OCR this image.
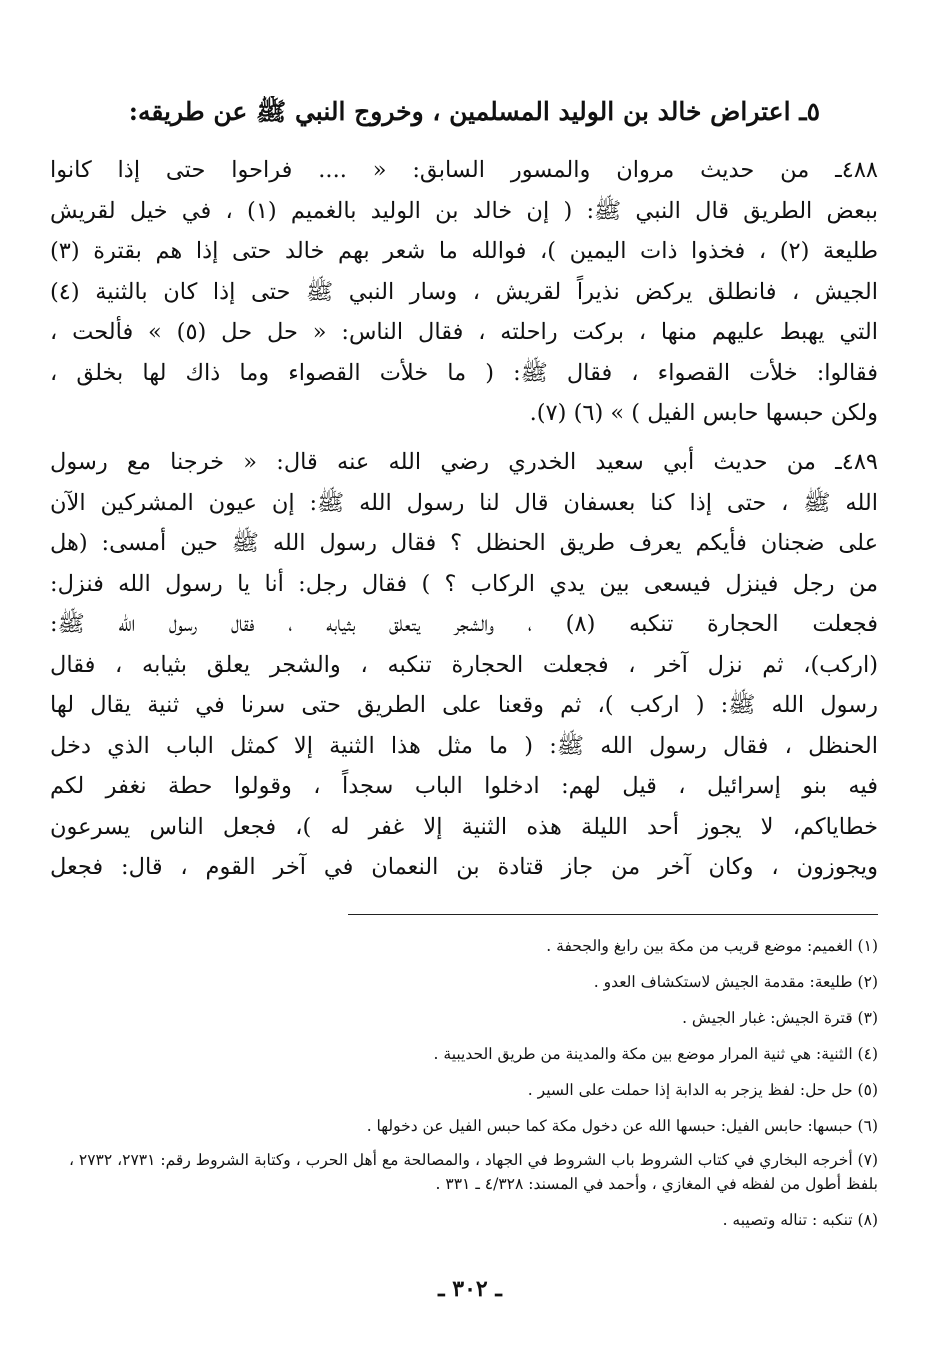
٥ـ اعتراض خالد بن الوليد المسلمين ، وخروج النبي ﷺ عن طريقه:
٤٨٨ـ من حديث مروان والمسور السابق: « .... فراحوا حتى إذا كانوا
ببعض الطريق قال النبي ﷺ: ( إن خالد بن الوليد بالغميم (١) ، في خيل لقريش
طليعة (٢) ، فخذوا ذات اليمين )، فوالله ما شعر بهم خالد حتى إذا هم بقترة (٣)
الجيش ، فانطلق يركض نذيراً لقريش ، وسار النبي ﷺ حتى إذا كان بالثنية (٤)
التي يهبط عليهم منها ، بركت راحلته ، فقال الناس: « حل حل (٥) » فألحت ،
فقالوا: خلأت القصواء ، فقال ﷺ: ( ما خلأت القصواء وما ذاك لها بخلق ،
ولكن حبسها حابس الفيل ) » (٦) (٧).
٤٨٩ـ من حديث أبي سعيد الخدري رضي الله عنه قال: « خرجنا مع رسول
الله ﷺ ، حتى إذا كنا بعسفان قال لنا رسول الله ﷺ: إن عيون المشركين الآن
على ضجنان فأيكم يعرف طريق الحنظل ؟ فقال رسول الله ﷺ حين أمسى: (هل
من رجل فينزل فيسعى بين يدي الركاب ؟ ) فقال رجل: أنا يا رسول الله فنزل:
فجعلت الحجارة تنكبه (٨) ، والشجر يتعلق بثيابه ، فقال رسول الله ﷺ:
(اركب)، ثم نزل آخر ، فجعلت الحجارة تنكبه ، والشجر يعلق بثيابه ، فقال
رسول الله ﷺ: ( اركب )، ثم وقعنا على الطريق حتى سرنا في ثنية يقال لها
الحنظل ، فقال رسول الله ﷺ: ( ما مثل هذا الثنية إلا كمثل الباب الذي دخل
فيه بنو إسرائيل ، قيل لهم: ادخلوا الباب سجداً ، وقولوا حطة نغفر لكم
خطاياكم، لا يجوز أحد الليلة هذه الثنية إلا غفر له )، فجعل الناس يسرعون
ويجوزون ، وكان آخر من جاز قتادة بن النعمان في آخر القوم ، قال: فجعل
(١) الغميم: موضع قريب من مكة بين رابغ والجحفة .
(٢) طليعة: مقدمة الجيش لاستكشاف العدو .
(٣) قترة الجيش: غبار الجيش .
(٤) الثنية: هي ثنية المرار موضع بين مكة والمدينة من طريق الحديبية .
(٥) حل حل: لفظ يزجر به الدابة إذا حملت على السير .
(٦) حبسها: حابس الفيل: حبسها الله عن دخول مكة كما حبس الفيل عن دخولها .
(٧) أخرجه البخاري في كتاب الشروط باب الشروط في الجهاد ، والمصالحة مع أهل الحرب ، وكتابة الشروط رقم: ٢٧٣١، ٢٧٣٢ ، بلفظ أطول من لفظه في المغازي ، وأحمد في المسند: ٤/٣٢٨ ـ ٣٣١ .
(٨) تنكبه : تناله وتصيبه .
ـ ٣٠٢ ـ
